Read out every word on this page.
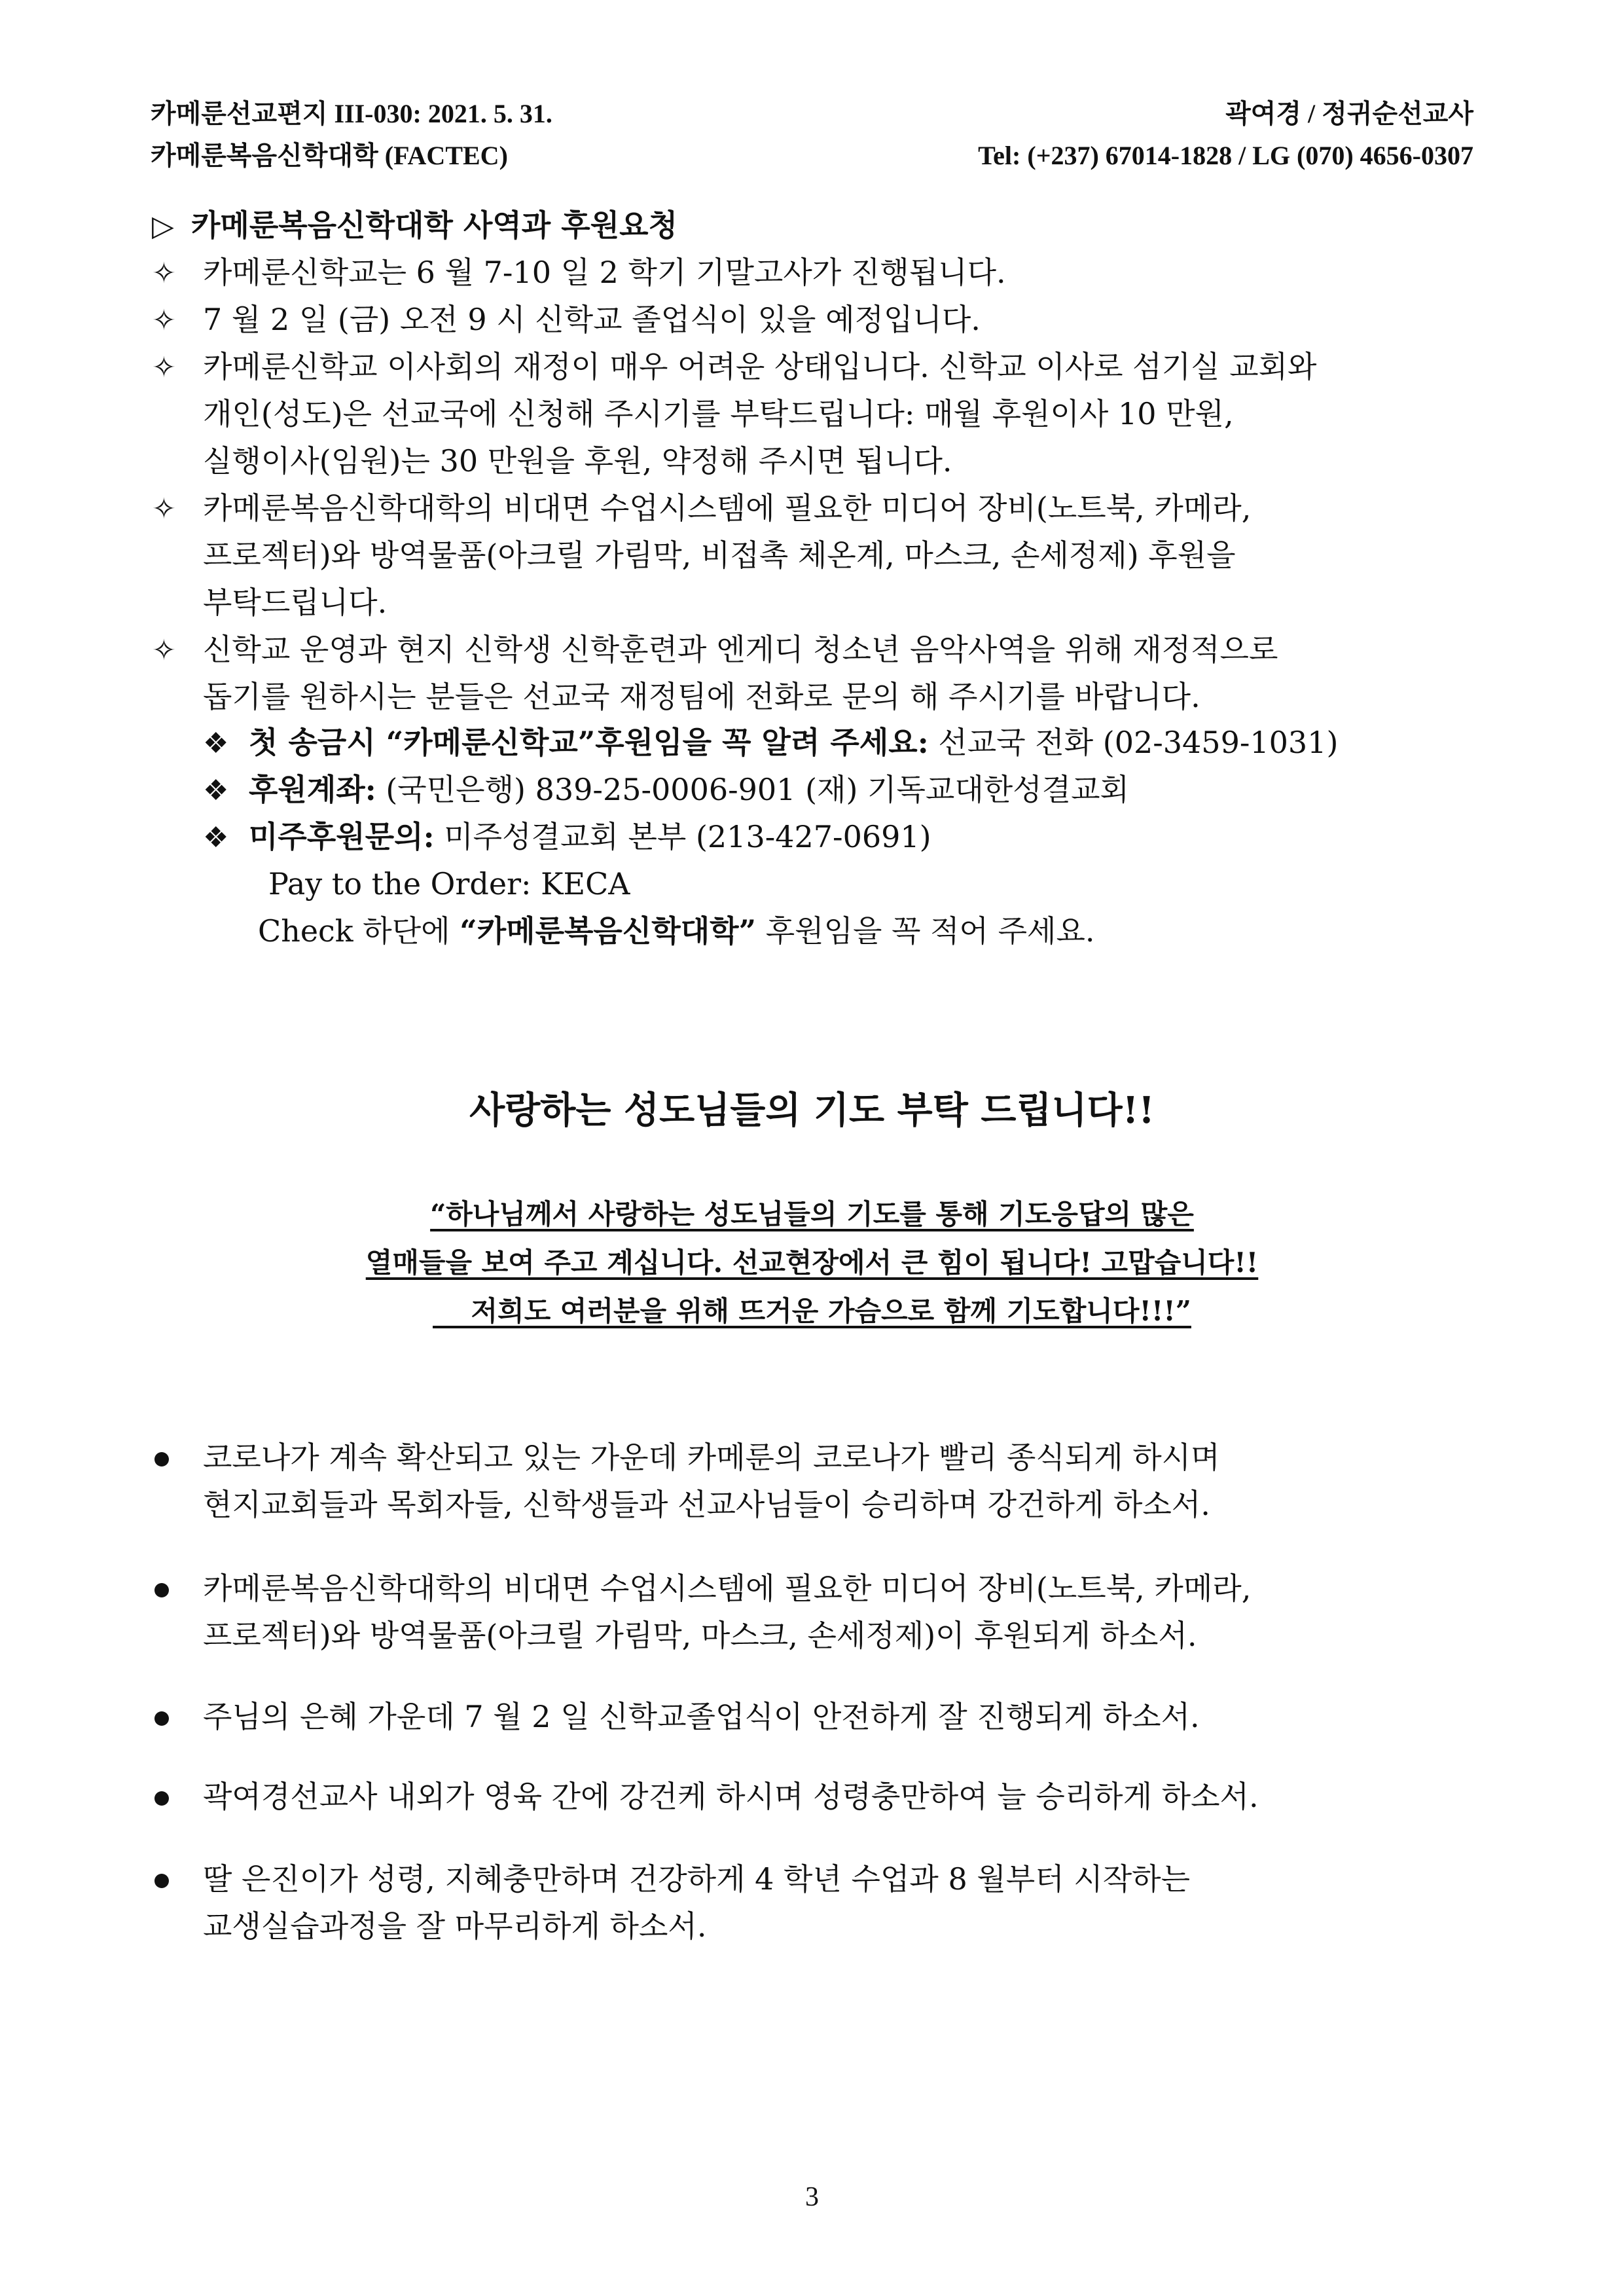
카메룬선교편지 III-030: 2021. 5. 31.	곽여경 / 정귀순선교사
카메룬복음신학대학 (FACTEC)	Tel: (+237) 67014-1828 / LG (070) 4656-0307
▷ 카메룬복음신학대학 사역과 후원요청
✧ 카메룬신학교는 6 월 7-10 일 2 학기 기말고사가 진행됩니다.
✧ 7 월 2 일 (금) 오전 9 시 신학교 졸업식이 있을 예정입니다.
✧ 카메룬신학교 이사회의 재정이 매우 어려운 상태입니다. 신학교 이사로 섬기실 교회와
개인(성도)은 선교국에 신청해 주시기를 부탁드립니다: 매월 후원이사 10 만원,
실행이사(임원)는 30 만원을 후원, 약정해 주시면 됩니다.
✧ 카메룬복음신학대학의 비대면 수업시스템에 필요한 미디어 장비(노트북, 카메라,
프로젝터)와 방역물품(아크릴 가림막, 비접촉 체온계, 마스크, 손세정제) 후원을
부탁드립니다.
✧ 신학교 운영과 현지 신학생 신학훈련과 엔게디 청소년 음악사역을 위해 재정적으로
돕기를 원하시는 분들은 선교국 재정팀에 전화로 문의 해 주시기를 바랍니다.
❖ 첫 송금시 “카메룬신학교”후원임을 꼭 알려 주세요: 선교국 전화 (02-3459-1031)
❖ 후원계좌: (국민은행) 839-25-0006-901 (재) 기독교대한성결교회
❖ 미주후원문의: 미주성결교회 본부 (213-427-0691)
Pay to the Order: KECA
Check 하단에 “카메룬복음신학대학” 후원임을 꼭 적어 주세요.
사랑하는 성도님들의 기도 부탁 드립니다!!
“하나님께서 사랑하는 성도님들의 기도를 통해 기도응답의 많은
열매들을 보여 주고 계십니다. 선교현장에서 큰 힘이 됩니다! 고맙습니다!!
저희도 여러분을 위해 뜨거운 가슴으로 함께 기도합니다!!!”
코로나가 계속 확산되고 있는 가운데 카메룬의 코로나가 빨리 종식되게 하시며
현지교회들과 목회자들, 신학생들과 선교사님들이 승리하며 강건하게 하소서.
카메룬복음신학대학의 비대면 수업시스템에 필요한 미디어 장비(노트북, 카메라,
프로젝터)와 방역물품(아크릴 가림막, 마스크, 손세정제)이 후원되게 하소서.
주님의 은혜 가운데 7 월 2 일 신학교졸업식이 안전하게 잘 진행되게 하소서.
곽여경선교사 내외가 영육 간에 강건케 하시며 성령충만하여 늘 승리하게 하소서.
딸 은진이가 성령, 지혜충만하며 건강하게 4 학년 수업과 8 월부터 시작하는
교생실습과정을 잘 마무리하게 하소서.
3
